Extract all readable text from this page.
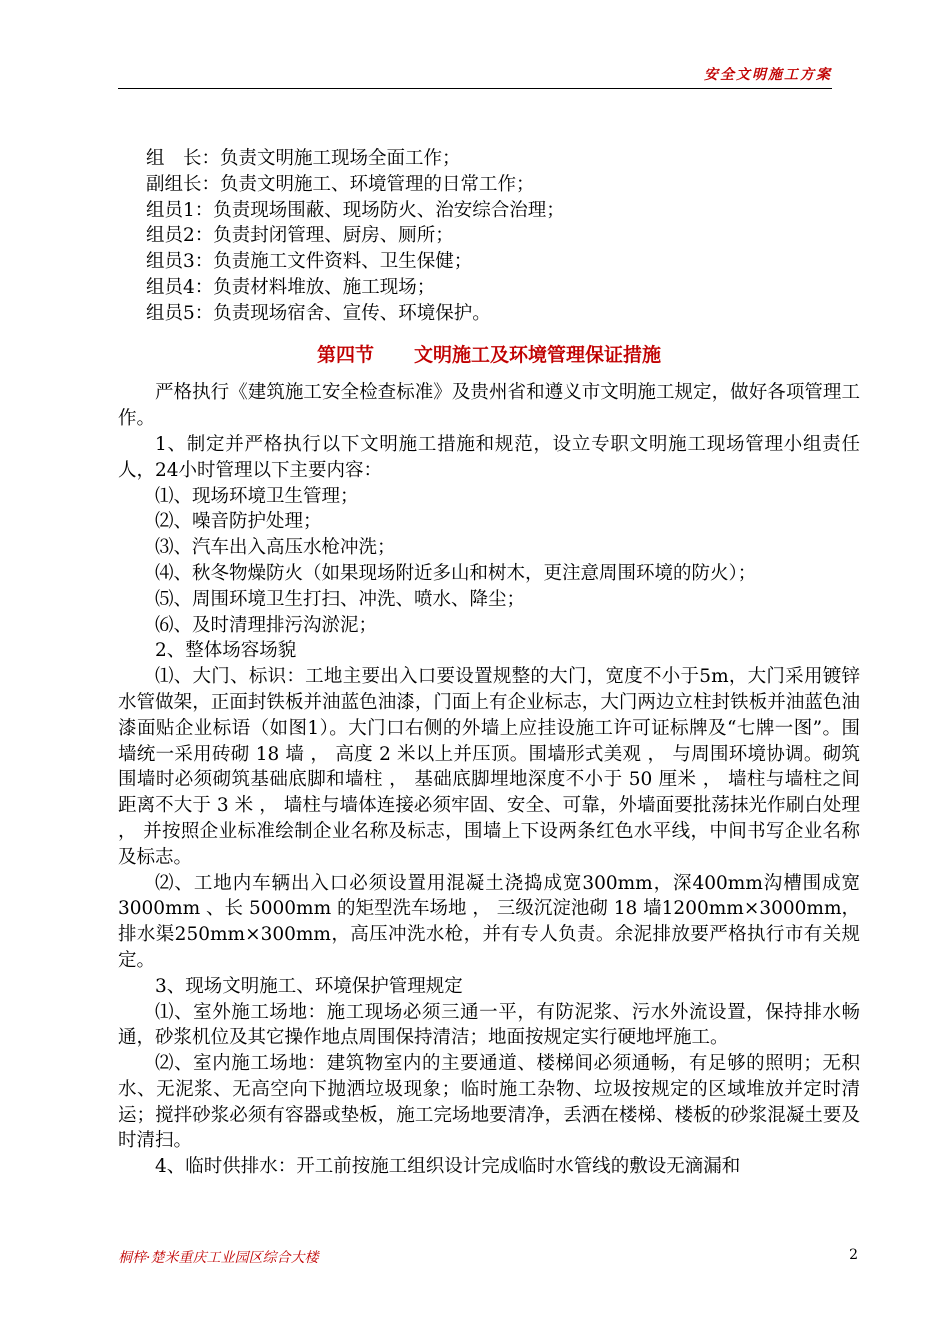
安全文明施工方案

组　长：负责文明施工现场全面工作；

副组长：负责文明施工、环境管理的日常工作；

组员1：负责现场围蔽、现场防火、治安综合治理；

组员2：负责封闭管理、厨房、厕所；

组员3：负责施工文件资料、卫生保健；

组员4：负责材料堆放、施工现场；

组员5：负责现场宿舍、宣传、环境保护。

第四节 文明施工及环境管理保证措施

严格执行《建筑施工安全检查标准》及贵州省和遵义市文明施工规定，做好各项管理工作。

1、制定并严格执行以下文明施工措施和规范，设立专职文明施工现场管理小组责任人，24小时管理以下主要内容：

⑴、现场环境卫生管理；

⑵、噪音防护处理；

⑶、汽车出入高压水枪冲洗；

⑷、秋冬物燥防火（如果现场附近多山和树木，更注意周围环境的防火）；

⑸、周围环境卫生打扫、冲洗、喷水、降尘；

⑹、及时清理排污沟淤泥；

2、整体场容场貌

⑴、大门、标识：工地主要出入口要设置规整的大门，宽度不小于5m，大门采用镀锌水管做架，正面封铁板并油蓝色油漆，门面上有企业标志，大门两边立柱封铁板并油蓝色油漆面贴企业标语（如图1）。大门口右侧的外墙上应挂设施工许可证标牌及“七牌一图”。围墙统一采用砖砌 18 墙 ， 高度 2 米以上并压顶。围墙形式美观 ， 与周围环境协调。砌筑围墙时必须砌筑基础底脚和墙柱 ， 基础底脚埋地深度不小于 50 厘米 ， 墙柱与墙柱之间距离不大于 3 米 ， 墙柱与墙体连接必须牢固、安全、可靠，外墙面要批荡抹光作刷白处理 ， 并按照企业标准绘制企业名称及标志，围墙上下设两条红色水平线，中间书写企业名称及标志。

⑵、工地内车辆出入口必须设置用混凝土浇捣成宽300mm，深400mm沟槽围成宽 3000mm 、长 5000mm 的矩型洗车场地 ， 三级沉淀池砌 18 墙1200mm×3000mm，排水渠250mm×300mm，高压冲洗水枪，并有专人负责。余泥排放要严格执行市有关规定。

3、现场文明施工、环境保护管理规定

⑴、室外施工场地：施工现场必须三通一平，有防泥浆、污水外流设置，保持排水畅通，砂浆机位及其它操作地点周围保持清洁；地面按规定实行硬地坪施工。

⑵、室内施工场地：建筑物室内的主要通道、楼梯间必须通畅，有足够的照明；无积水、无泥浆、无高空向下抛洒垃圾现象；临时施工杂物、垃圾按规定的区域堆放并定时清运；搅拌砂浆必须有容器或垫板，施工完场地要清净，丢洒在楼梯、楼板的砂浆混凝土要及时清扫。

4、临时供排水：开工前按施工组织设计完成临时水管线的敷设无滴漏和

桐梓·楚米重庆工业园区综合大楼	2
